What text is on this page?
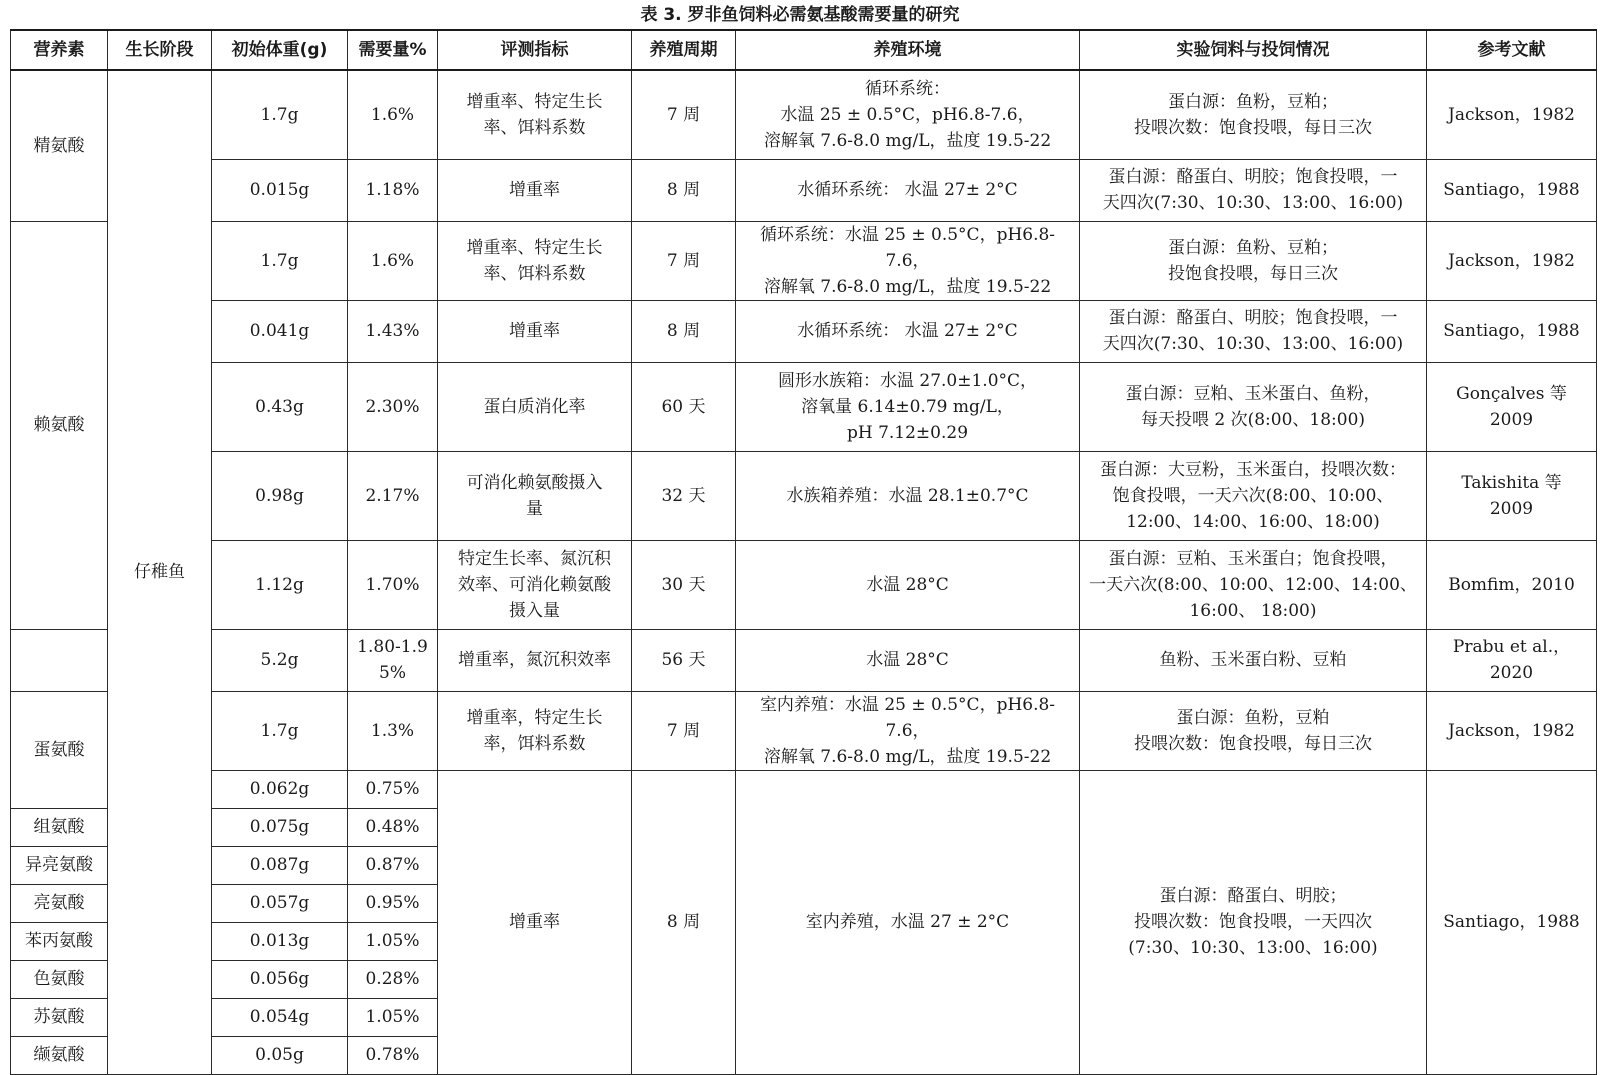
表 3. 罗非鱼饲料必需氨基酸需要量的研究
营养素	生长阶段	初始体重(g)	需要量%	评测指标	养殖周期	养殖环境	实验饲料与投饲情况	参考文献
精氨酸	仔稚鱼	1.7g	1.6%	增重率、特定生长
率、饵料系数	7 周	循环系统：
水温 25 ± 0.5°C，pH6.8-7.6，
溶解氧 7.6-8.0 mg/L，盐度 19.5-22	蛋白源：鱼粉，豆粕；
投喂次数：饱食投喂，每日三次	Jackson，1982
		0.015g	1.18%	增重率	8 周	水循环系统： 水温 27± 2°C	蛋白源：酪蛋白、明胶；饱食投喂，一
天四次(7:30、10:30、13:00、16:00)	Santiago，1988
赖氨酸		1.7g	1.6%	增重率、特定生长
率、饵料系数	7 周	循环系统：水温 25 ± 0.5°C，pH6.8-7.6，
溶解氧 7.6-8.0 mg/L，盐度 19.5-22	蛋白源：鱼粉、豆粕；
投饱食投喂，每日三次	Jackson，1982
		0.041g	1.43%	增重率	8 周	水循环系统： 水温 27± 2°C	蛋白源：酪蛋白、明胶；饱食投喂，一
天四次(7:30、10:30、13:00、16:00)	Santiago，1988
		0.43g	2.30%	蛋白质消化率	60 天	圆形水族箱：水温 27.0±1.0°C，
溶氧量 6.14±0.79 mg/L，
pH 7.12±0.29	蛋白源：豆粕、玉米蛋白、鱼粉，
每天投喂 2 次(8:00、18:00)	Gonçalves 等
2009
		0.98g	2.17%	可消化赖氨酸摄入
量	32 天	水族箱养殖：水温 28.1±0.7°C	蛋白源：大豆粉，玉米蛋白，投喂次数：
饱食投喂，一天六次(8:00、10:00、
12:00、14:00、16:00、18:00)	Takishita 等
2009
		1.12g	1.70%	特定生长率、氮沉积
效率、可消化赖氨酸
摄入量	30 天	水温 28°C	蛋白源：豆粕、玉米蛋白；饱食投喂，
一天六次(8:00、10:00、12:00、14:00、
16:00、 18:00)	Bomfim，2010
		5.2g	1.80-1.9
5%	增重率，氮沉积效率	56 天	水温 28°C	鱼粉、玉米蛋白粉、豆粕	Prabu et al.，
2020
蛋氨酸		1.7g	1.3%	增重率，特定生长
率，饵料系数	7 周	室内养殖：水温 25 ± 0.5°C，pH6.8-7.6，
溶解氧 7.6-8.0 mg/L，盐度 19.5-22	蛋白源：鱼粉，豆粕
投喂次数：饱食投喂，每日三次	Jackson，1982
		0.062g	0.75%	增重率	8 周	室内养殖，水温 27 ± 2°C	蛋白源：酪蛋白、明胶；
投喂次数：饱食投喂，一天四次
(7:30、10:30、13:00、16:00)	Santiago，1988
组氨酸		0.075g	0.48%					
异亮氨酸		0.087g	0.87%					
亮氨酸		0.057g	0.95%					
苯丙氨酸		0.013g	1.05%					
色氨酸		0.056g	0.28%					
苏氨酸		0.054g	1.05%					
缬氨酸		0.05g	0.78%					
